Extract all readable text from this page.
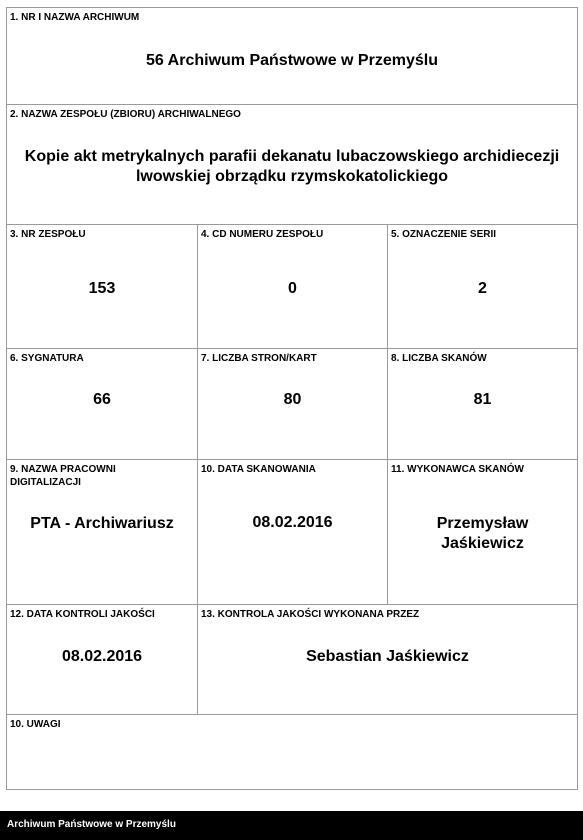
1. NR I NAZWA ARCHIWUM
56 Archiwum Państwowe w Przemyślu
2. NAZWA ZESPOŁU (ZBIORU) ARCHIWALNEGO
Kopie akt metrykalnych parafii dekanatu lubaczowskiego archidiecezji
lwowskiej obrządku rzymskokatolickiego
3. NR ZESPOŁU
153
4. CD NUMERU ZESPOŁU
0
5. OZNACZENIE SERII
2
6. SYGNATURA
66
7. LICZBA STRON/KART
80
8. LICZBA SKANÓW
81
9. NAZWA PRACOWNI
DIGITALIZACJI
PTA - Archiwariusz
10. DATA SKANOWANIA
08.02.2016
11. WYKONAWCA SKANÓW
Przemysław
Jaśkiewicz
12. DATA KONTROLI JAKOŚCI
08.02.2016
13. KONTROLA JAKOŚCI WYKONANA PRZEZ
Sebastian Jaśkiewicz
10. UWAGI
Archiwum Państwowe w Przemyślu
